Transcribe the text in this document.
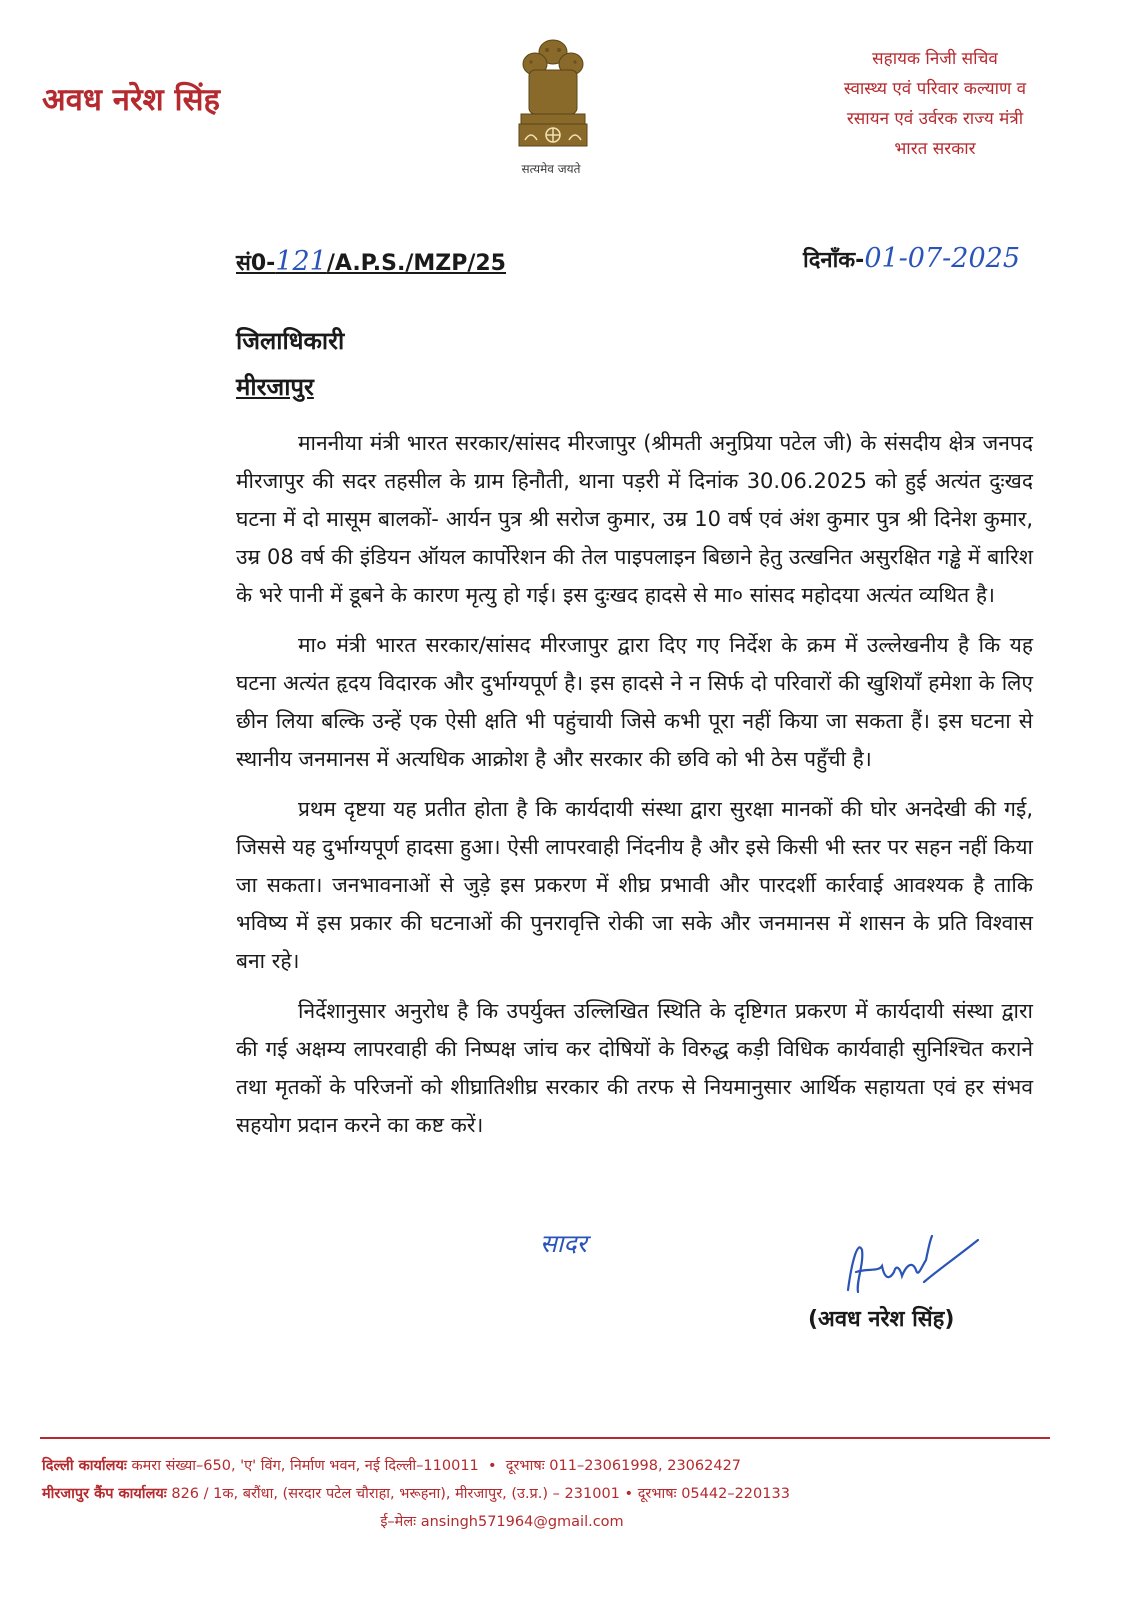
अवध नरेश सिंह
सत्यमेव जयते
सहायक निजी सचिव
स्वास्थ्य एवं परिवार कल्याण व
रसायन एवं उर्वरक राज्य मंत्री
भारत सरकार
सं0-121/A.P.S./MZP/25	दिनाँक-01-07-2025
जिलाधिकारी
मीरजापुर

माननीया मंत्री भारत सरकार/सांसद मीरजापुर (श्रीमती अनुप्रिया पटेल जी) के संसदीय क्षेत्र जनपद मीरजापुर की सदर तहसील के ग्राम हिनौती, थाना पड़री में दिनांक 30.06.2025 को हुई अत्यंत दुःखद घटना में दो मासूम बालकों- आर्यन पुत्र श्री सरोज कुमार, उम्र 10 वर्ष एवं अंश कुमार पुत्र श्री दिनेश कुमार, उम्र 08 वर्ष की इंडियन ऑयल कार्पोरेशन की तेल पाइपलाइन बिछाने हेतु उत्खनित असुरक्षित गड्ढे में बारिश के भरे पानी में डूबने के कारण मृत्यु हो गई। इस दुःखद हादसे से मा० सांसद महोदया अत्यंत व्यथित है।

मा० मंत्री भारत सरकार/सांसद मीरजापुर द्वारा दिए गए निर्देश के क्रम में उल्लेखनीय है कि यह घटना अत्यंत हृदय विदारक और दुर्भाग्यपूर्ण है। इस हादसे ने न सिर्फ दो परिवारों की खुशियाँ हमेशा के लिए छीन लिया बल्कि उन्हें एक ऐसी क्षति भी पहुंचायी जिसे कभी पूरा नहीं किया जा सकता हैं। इस घटना से स्थानीय जनमानस में अत्यधिक आक्रोश है और सरकार की छवि को भी ठेस पहुँची है।

प्रथम दृष्टया यह प्रतीत होता है कि कार्यदायी संस्था द्वारा सुरक्षा मानकों की घोर अनदेखी की गई, जिससे यह दुर्भाग्यपूर्ण हादसा हुआ। ऐसी लापरवाही निंदनीय है और इसे किसी भी स्तर पर सहन नहीं किया जा सकता। जनभावनाओं से जुड़े इस प्रकरण में शीघ्र प्रभावी और पारदर्शी कार्रवाई आवश्यक है ताकि भविष्य में इस प्रकार की घटनाओं की पुनरावृत्ति रोकी जा सके और जनमानस में शासन के प्रति विश्वास बना रहे।

निर्देशानुसार अनुरोध है कि उपर्युक्त उल्लिखित स्थिति के दृष्टिगत प्रकरण में कार्यदायी संस्था द्वारा की गई अक्षम्य लापरवाही की निष्पक्ष जांच कर दोषियों के विरुद्ध कड़ी विधिक कार्यवाही सुनिश्चित कराने तथा मृतकों के परिजनों को शीघ्रातिशीघ्र सरकार की तरफ से नियमानुसार आर्थिक सहायता एवं हर संभव सहयोग प्रदान करने का कष्ट करें।

सादर
(अवध नरेश सिंह)
दिल्ली कार्यालयः कमरा संख्या–650, 'ए' विंग, निर्माण भवन, नई दिल्ली–110011  •  दूरभाषः 011–23061998, 23062427
मीरजापुर कैंप कार्यालयः 826 / 1क, बरौंधा, (सरदार पटेल चौराहा, भरूहना), मीरजापुर, (उ.प्र.) – 231001 • दूरभाषः 05442–220133
ई–मेलः ansingh571964@gmail.com
